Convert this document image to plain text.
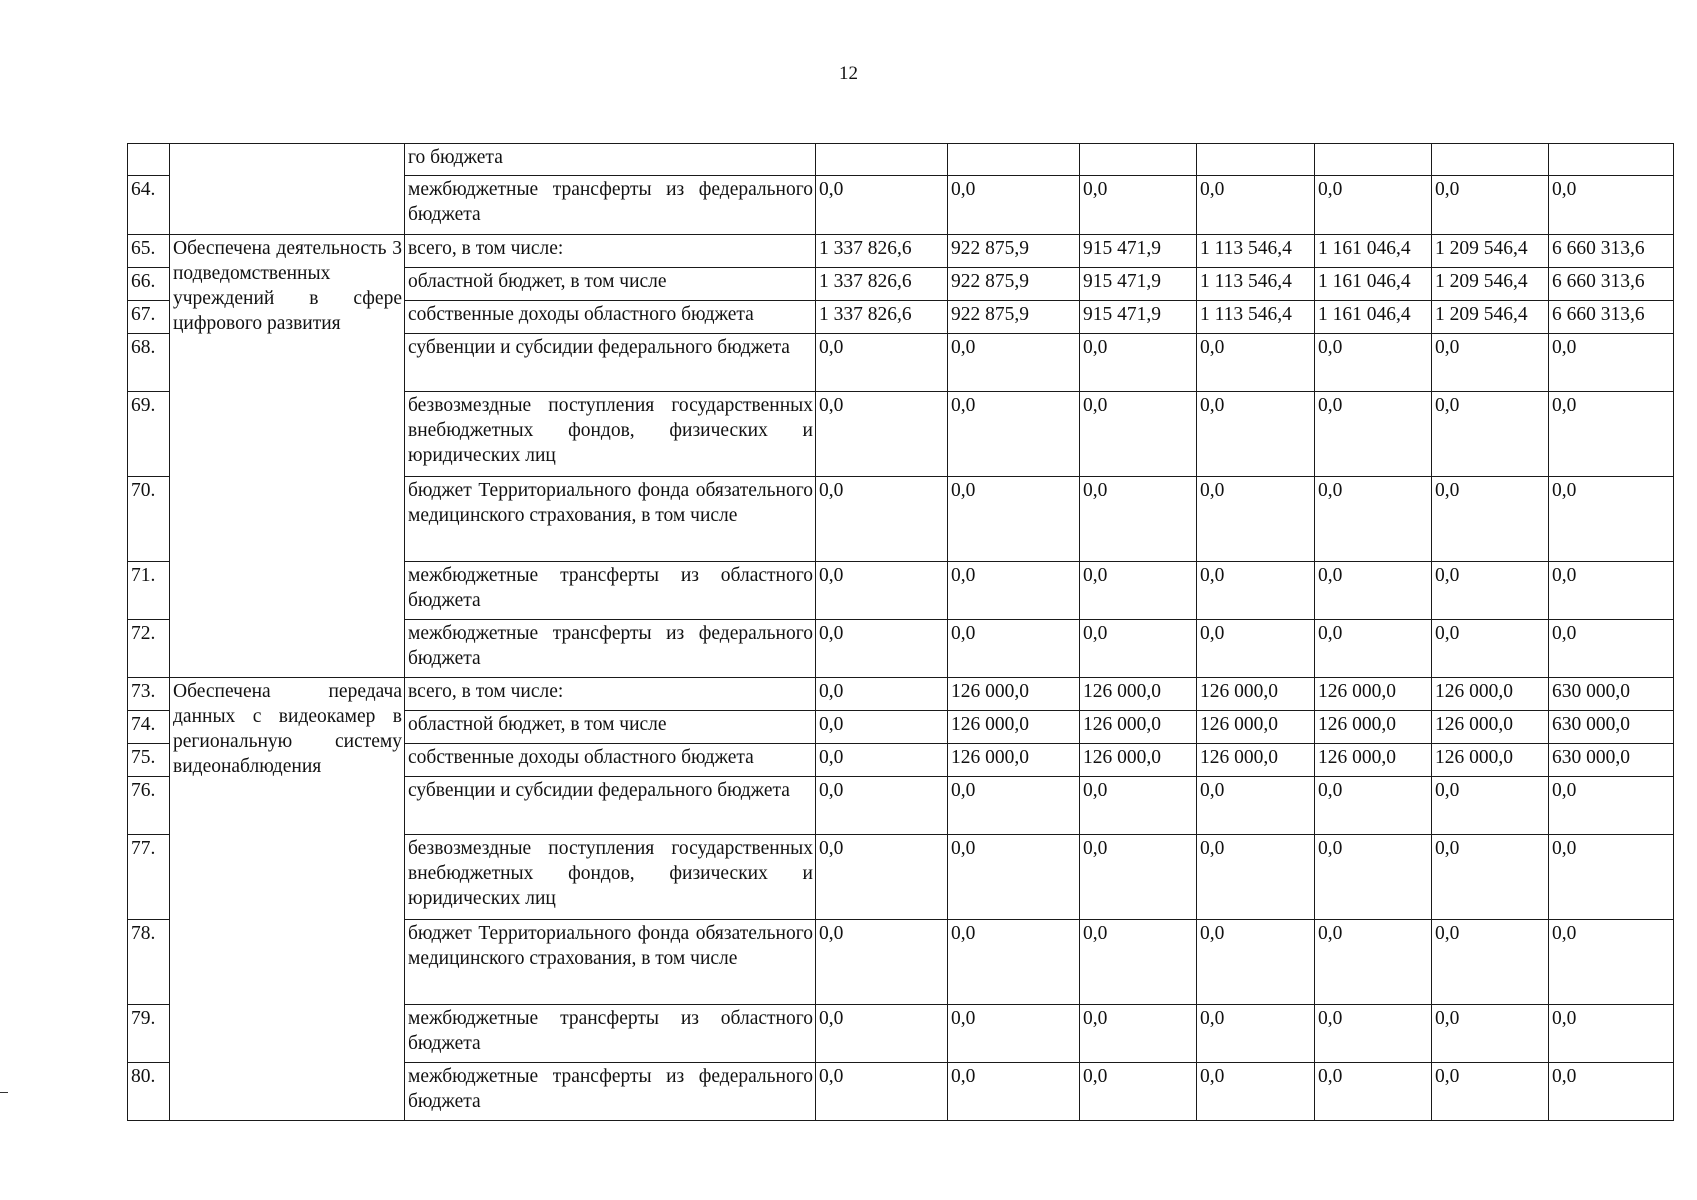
12
		го бюджета							
64.		межбюджетные трансферты из федерального бюджета	0,0	0,0	0,0	0,0	0,0	0,0	0,0
65.	Обеспечена деятельность 3 подведомственных учреждений в сфере цифрового развития	всего, в том числе:	1 337 826,6	922 875,9	915 471,9	1 113 546,4	1 161 046,4	1 209 546,4	6 660 313,6
66.		областной бюджет, в том числе	1 337 826,6	922 875,9	915 471,9	1 113 546,4	1 161 046,4	1 209 546,4	6 660 313,6
67.		собственные доходы областного бюджета	1 337 826,6	922 875,9	915 471,9	1 113 546,4	1 161 046,4	1 209 546,4	6 660 313,6
68.		субвенции и субсидии федерального бюджета	0,0	0,0	0,0	0,0	0,0	0,0	0,0
69.		безвозмездные поступления государственных внебюджетных фондов, физических и юридических лиц	0,0	0,0	0,0	0,0	0,0	0,0	0,0
70.		бюджет Территориального фонда обязательного медицинского страхования, в том числе	0,0	0,0	0,0	0,0	0,0	0,0	0,0
71.		межбюджетные трансферты из областного бюджета	0,0	0,0	0,0	0,0	0,0	0,0	0,0
72.		межбюджетные трансферты из федерального бюджета	0,0	0,0	0,0	0,0	0,0	0,0	0,0
73.	Обеспечена передача данных с видеокамер в региональную систему видеонаблюдения	всего, в том числе:	0,0	126 000,0	126 000,0	126 000,0	126 000,0	126 000,0	630 000,0
74.		областной бюджет, в том числе	0,0	126 000,0	126 000,0	126 000,0	126 000,0	126 000,0	630 000,0
75.		собственные доходы областного бюджета	0,0	126 000,0	126 000,0	126 000,0	126 000,0	126 000,0	630 000,0
76.		субвенции и субсидии федерального бюджета	0,0	0,0	0,0	0,0	0,0	0,0	0,0
77.		безвозмездные поступления государственных внебюджетных фондов, физических и юридических лиц	0,0	0,0	0,0	0,0	0,0	0,0	0,0
78.		бюджет Территориального фонда обязательного медицинского страхования, в том числе	0,0	0,0	0,0	0,0	0,0	0,0	0,0
79.		межбюджетные трансферты из областного бюджета	0,0	0,0	0,0	0,0	0,0	0,0	0,0
80.		межбюджетные трансферты из федерального бюджета	0,0	0,0	0,0	0,0	0,0	0,0	0,0
